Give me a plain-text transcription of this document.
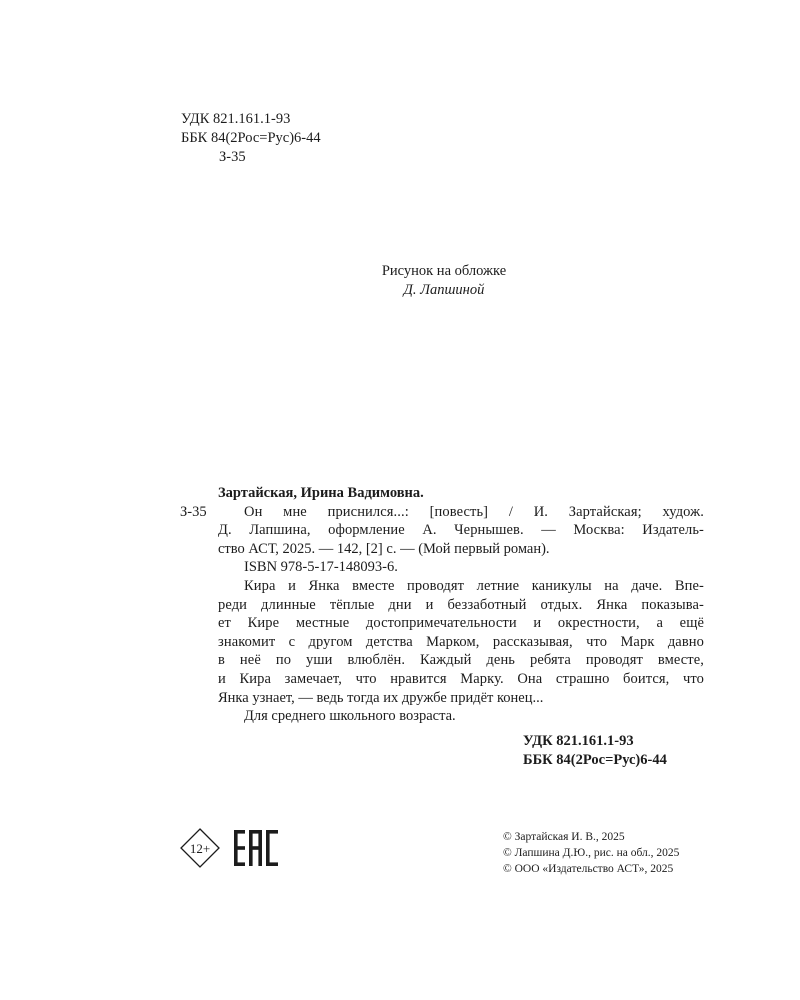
УДК 821.161.1-93
ББК 84(2Рос=Рус)6-44
З-35
Рисунок на обложке
Д. Лапшиной
Зартайская, Ирина Вадимовна.
З-35	Он мне приснился...: [повесть] / И. Зартайская; худож.

Д. Лапшина, оформление А. Чернышев. — Москва: Издатель-

ство АСТ, 2025. — 142, [2] с. — (Мой первый роман).

ISBN 978-5-17-148093-6.

Кира и Янка вместе проводят летние каникулы на даче. Впе-

реди длинные тёплые дни и беззаботный отдых. Янка показыва-

ет Кире местные достопримечательности и окрестности, а ещё

знакомит с другом детства Марком, рассказывая, что Марк давно

в неё по уши влюблён. Каждый день ребята проводят вместе,

и Кира замечает, что нравится Марку. Она страшно боится, что

Янка узнает, — ведь тогда их дружбе придёт конец...

Для среднего школьного возраста.

УДК 821.161.1-93
ББК 84(2Рос=Рус)6-44
12+
© Зартайская И. В., 2025
© Лапшина Д.Ю., рис. на обл., 2025
© ООО «Издательство АСТ», 2025
